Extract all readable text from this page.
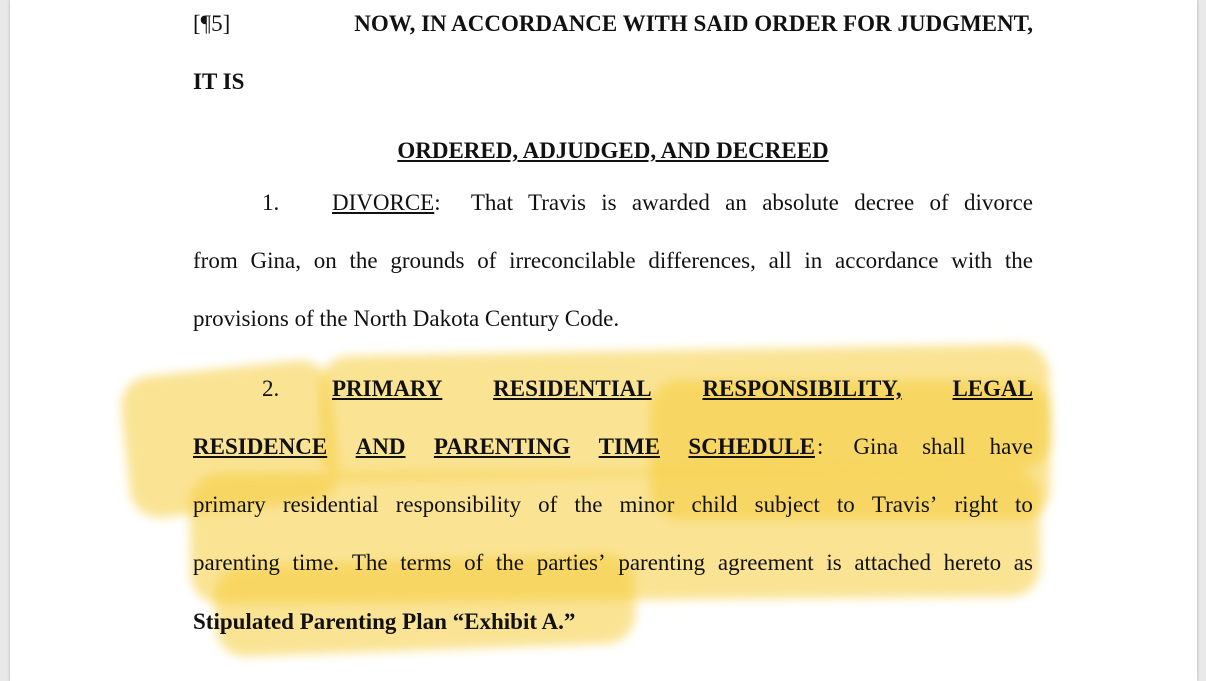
[¶5]	NOW, IN ACCORDANCE WITH SAID ORDER FOR JUDGMENT,
IT IS
ORDERED, ADJUDGED, AND DECREED
1. DIVORCE :  That Travis is awarded an absolute decree of divorce
from Gina, on the grounds of irreconcilable differences, all in accordance with the
provisions of the North Dakota Century Code.
2. PRIMARY RESIDENTIAL RESPONSIBILITY, LEGAL
RESIDENCE AND PARENTING TIME SCHEDULE : Gina shall have
primary residential responsibility of the minor child subject to Travis’ right to
parenting time. The terms of the parties’ parenting agreement is attached hereto as
Stipulated Parenting Plan “Exhibit A.”
